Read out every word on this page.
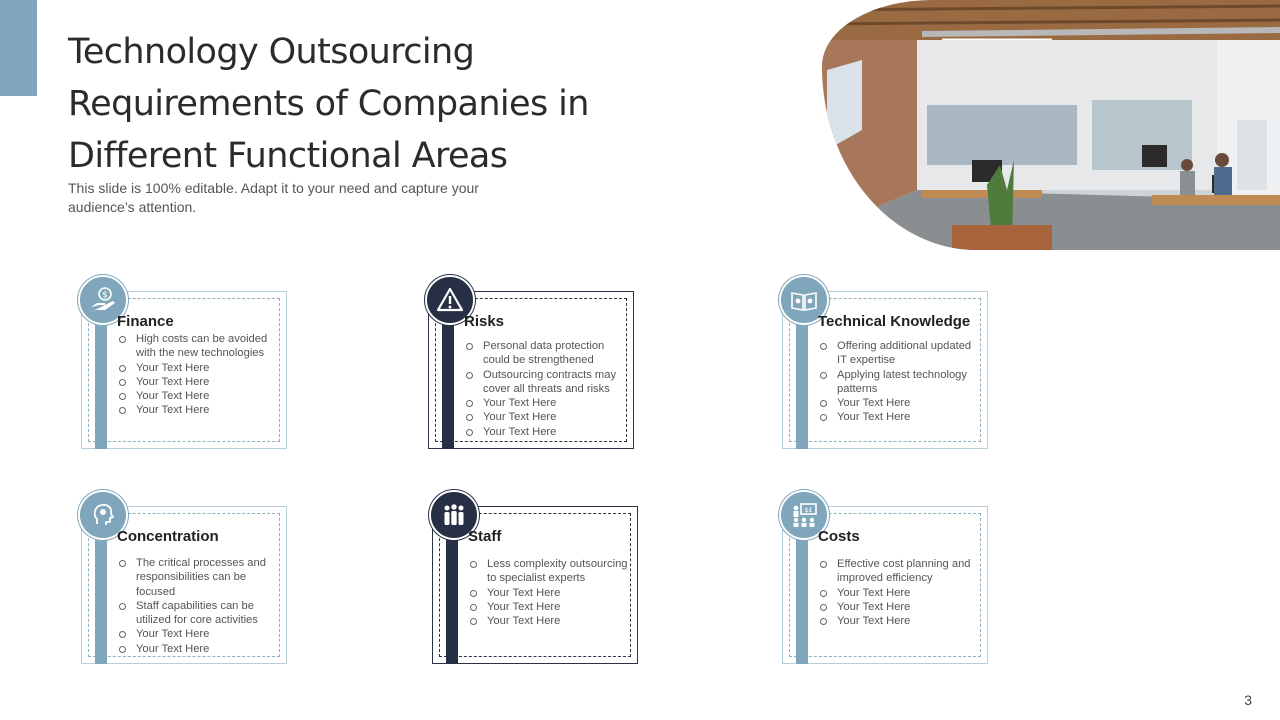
Technology Outsourcing Requirements of Companies in Different Functional Areas
This slide is 100% editable. Adapt it to your need and capture your audience’s attention.
$
Finance
High costs can be avoided with the new technologies
Your Text Here
Your Text Here
Your Text Here
Your Text Here
Risks
Personal data protection could be strengthened
Outsourcing contracts may cover all threats and risks
Your Text Here
Your Text Here
Your Text Here
Technical Knowledge
Offering additional updated IT expertise
Applying latest technology patterns
Your Text Here
Your Text Here
Concentration
The critical processes and responsibilities can be focused
Staff capabilities can be utilized for core activities
Your Text Here
Your Text Here
Staff
Less complexity outsourcing to specialist experts
Your Text Here
Your Text Here
Your Text Here
$£
Costs
Effective cost planning and improved efficiency
Your Text Here
Your Text Here
Your Text Here
3
